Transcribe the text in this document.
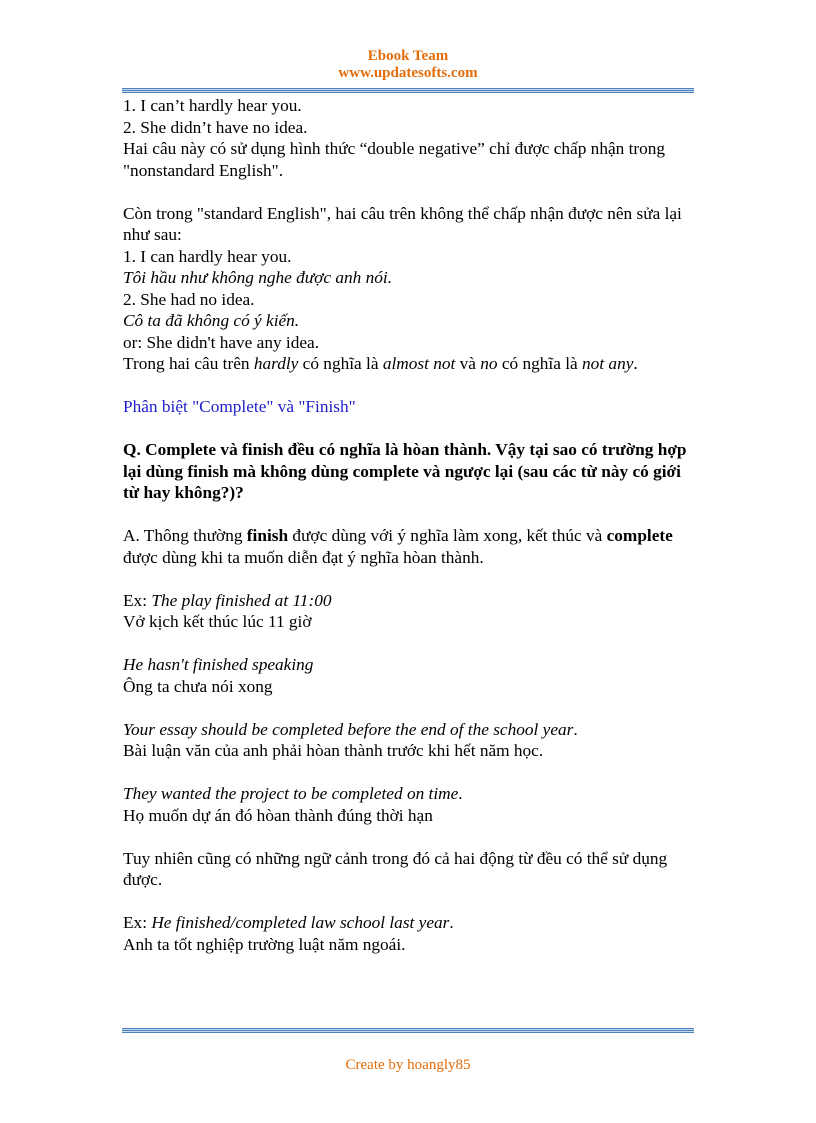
Ebook Team
www.updatesofts.com

1. I can’t hardly hear you.

2. She didn’t have no idea.

Hai câu này có sử dụng hình thức “double negative” chỉ được chấp nhận trong "nonstandard English".

Còn trong "standard English", hai câu trên không thể chấp nhận được nên sửa lại như sau:

1. I can hardly hear you.

Tôi hầu như không nghe được anh nói.

2. She had no idea.

Cô ta đã không có ý kiến.

or: She didn't have any idea.

Trong hai câu trên hardly có nghĩa là almost not và no có nghĩa là not any.

Phân biệt "Complete" và "Finish"

Q. Complete và finish đều có nghĩa là hòan thành. Vậy tại sao có trường hợp lại dùng finish mà không dùng complete và ngược lại (sau các từ này có giới từ hay không?)?

A. Thông thường finish được dùng với ý nghĩa làm xong, kết thúc và complete được dùng khi ta muốn diễn đạt ý nghĩa hòan thành.

Ex: The play finished at 11:00

Vở kịch kết thúc lúc 11 giờ

He hasn't finished speaking

Ông ta chưa nói xong

Your essay should be completed before the end of the school year.

Bài luận văn của anh phải hòan thành trước khi hết năm học.

They wanted the project to be completed on time.

Họ muốn dự án đó hòan thành đúng thời hạn

Tuy nhiên cũng có những ngữ cảnh trong đó cả hai động từ đều có thể sử dụng được.

Ex: He finished/completed law school last year.

Anh ta tốt nghiệp trường luật năm ngoái.

Create by hoangly85
